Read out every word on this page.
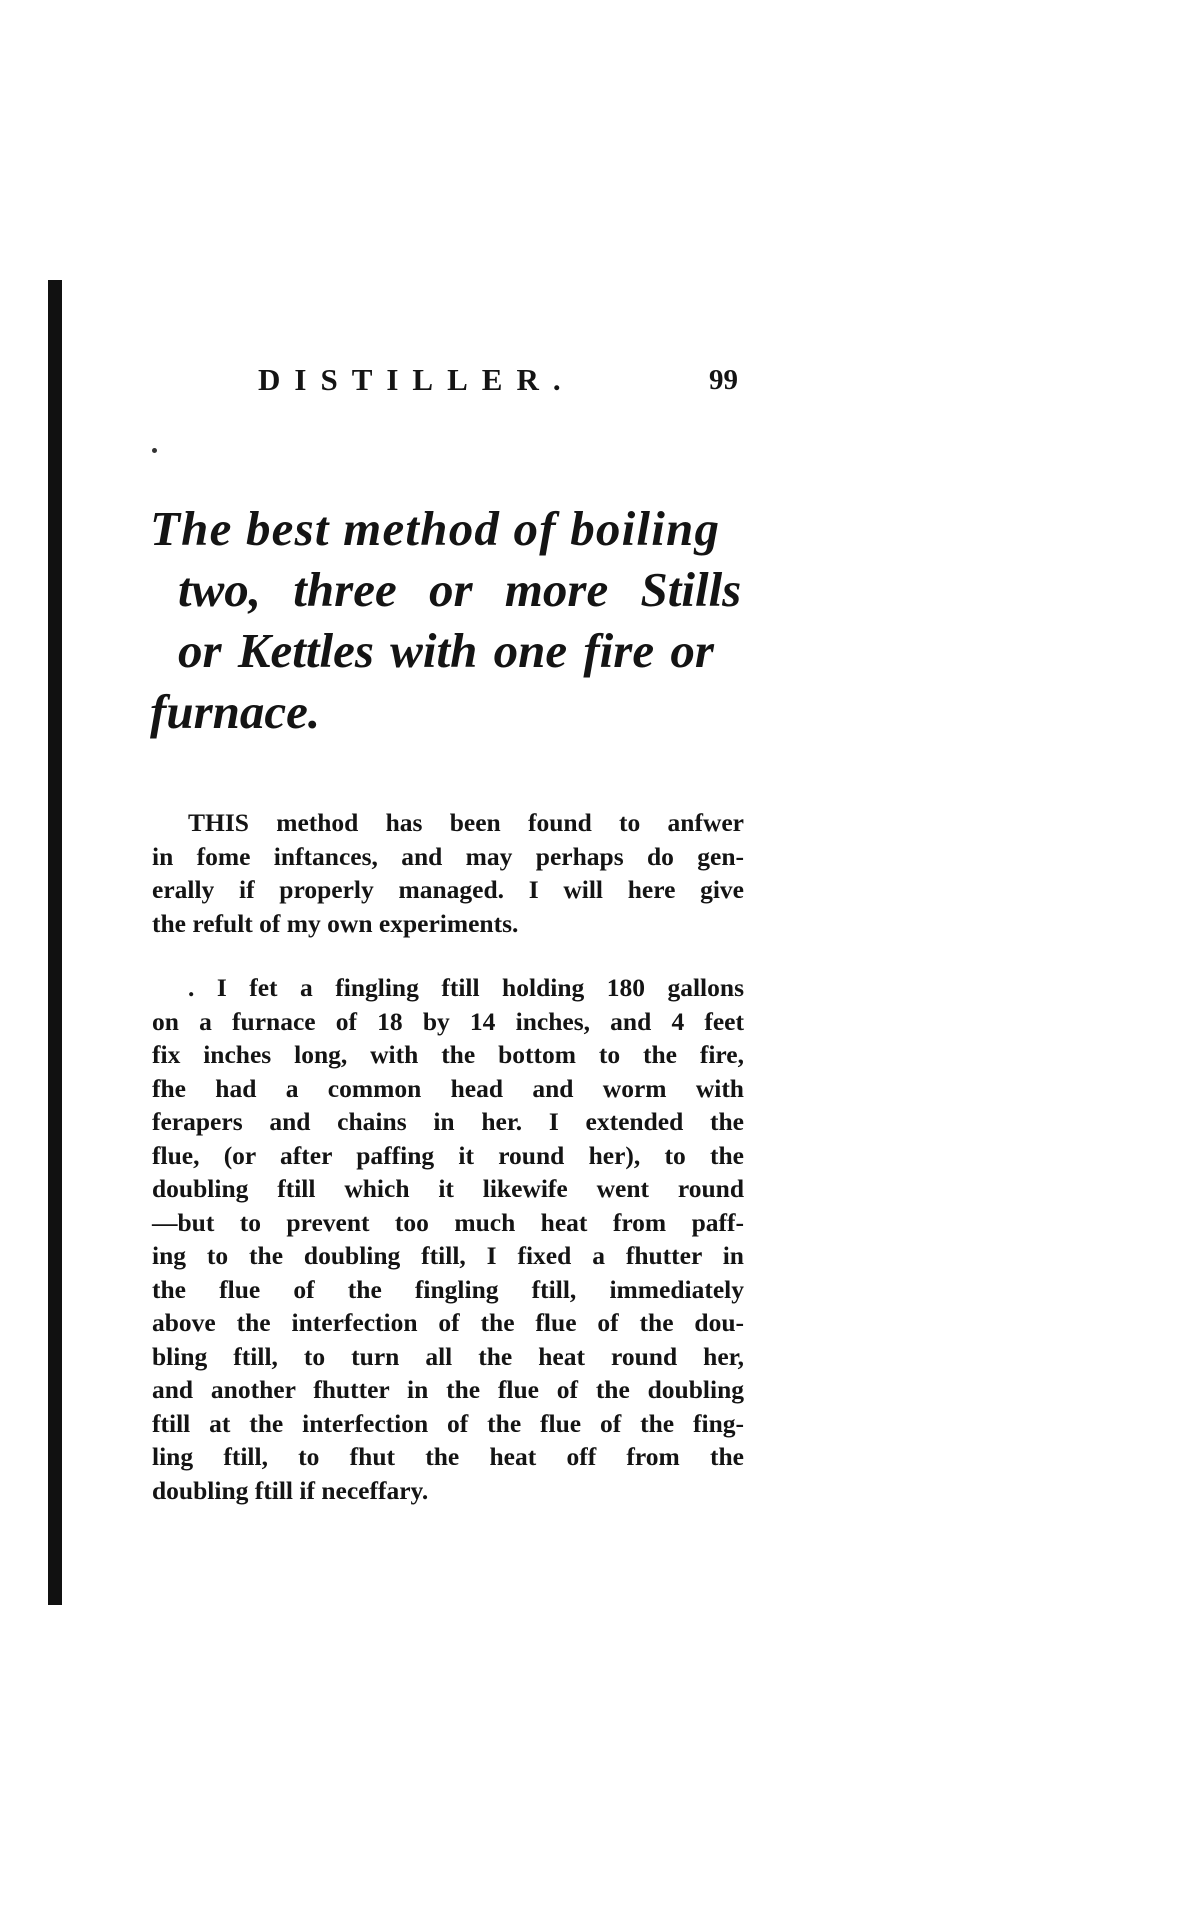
DISTILLER.	99
The best method of boiling
two, three or more Stills
or Kettles with one fire or
furnace.
THIS method has been found to anfwer
in fome inftances, and may perhaps do gen-
erally if properly managed. I will here give
the refult of my own experiments.
. I fet a fingling ftill holding 180 gallons
on a furnace of 18 by 14 inches, and 4 feet
fix inches long, with the bottom to the fire,
fhe had a common head and worm with
ferapers and chains in her. I extended the
flue, (or after paffing it round her), to the
doubling ftill which it likewife went round
—but to prevent too much heat from paff-
ing to the doubling ftill, I fixed a fhutter in
the flue of the fingling ftill, immediately
above the interfection of the flue of the dou-
bling ftill, to turn all the heat round her,
and another fhutter in the flue of the doubling
ftill at the interfection of the flue of the fing-
ling ftill, to fhut the heat off from the
doubling ftill if neceffary.
